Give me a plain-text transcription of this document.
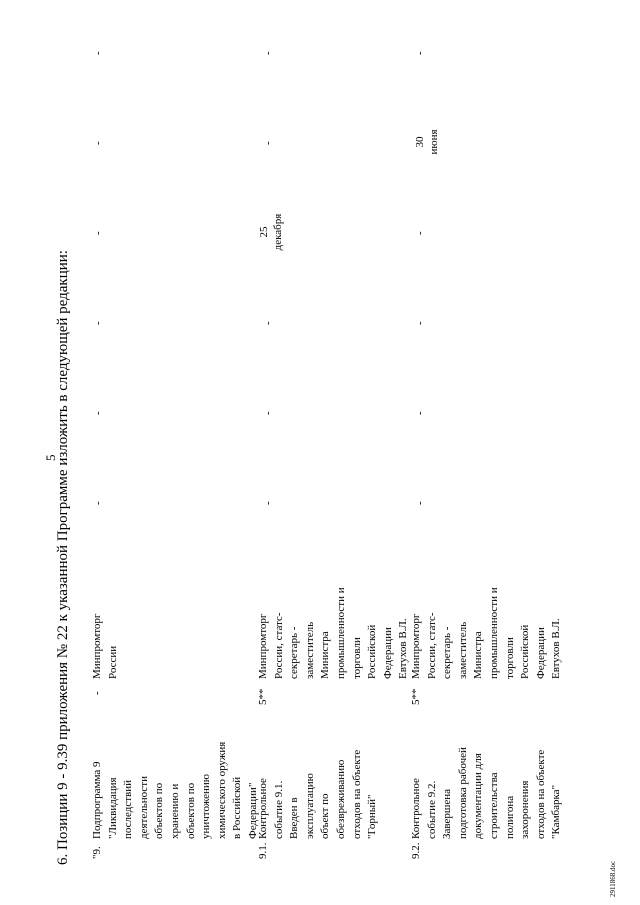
5
2911868.doc
6. Позиции 9 - 9.39 приложения № 22 к указанной Программе изложить в следующей редакции: "9.
Подпрограмма 9
"Ликвидация
последствий
деятельности
объектов по
хранению и
объектов по
уничтожению
химического оружия
в Российской
Федерации"
-
Минпромторг
России
9.1.
Контрольное
событие 9.1.
Введен в
эксплуатацию
объект по
обезвреживанию
отходов на объекте
"Горный"
5**
Минпромторг
России, статс-
секретарь -
заместитель
Министра
промышленности и
торговли
Российской
Федерации
Евтухов В.Л.
9.2.
Контрольное
событие 9.2.
Завершена
подготовка рабочей
документации для
строительства
полигона
захоронения
отходов на объекте
"Камбарка"
5**
Минпромторг
России, статс-
секретарь -
заместитель
Министра
промышленности и
торговли
Российской
Федерации
Евтухов В.Л.
-
-
-
-
-
-
-
-
-
-
-
-
-
-
-
-
25 декабря
30 июня
